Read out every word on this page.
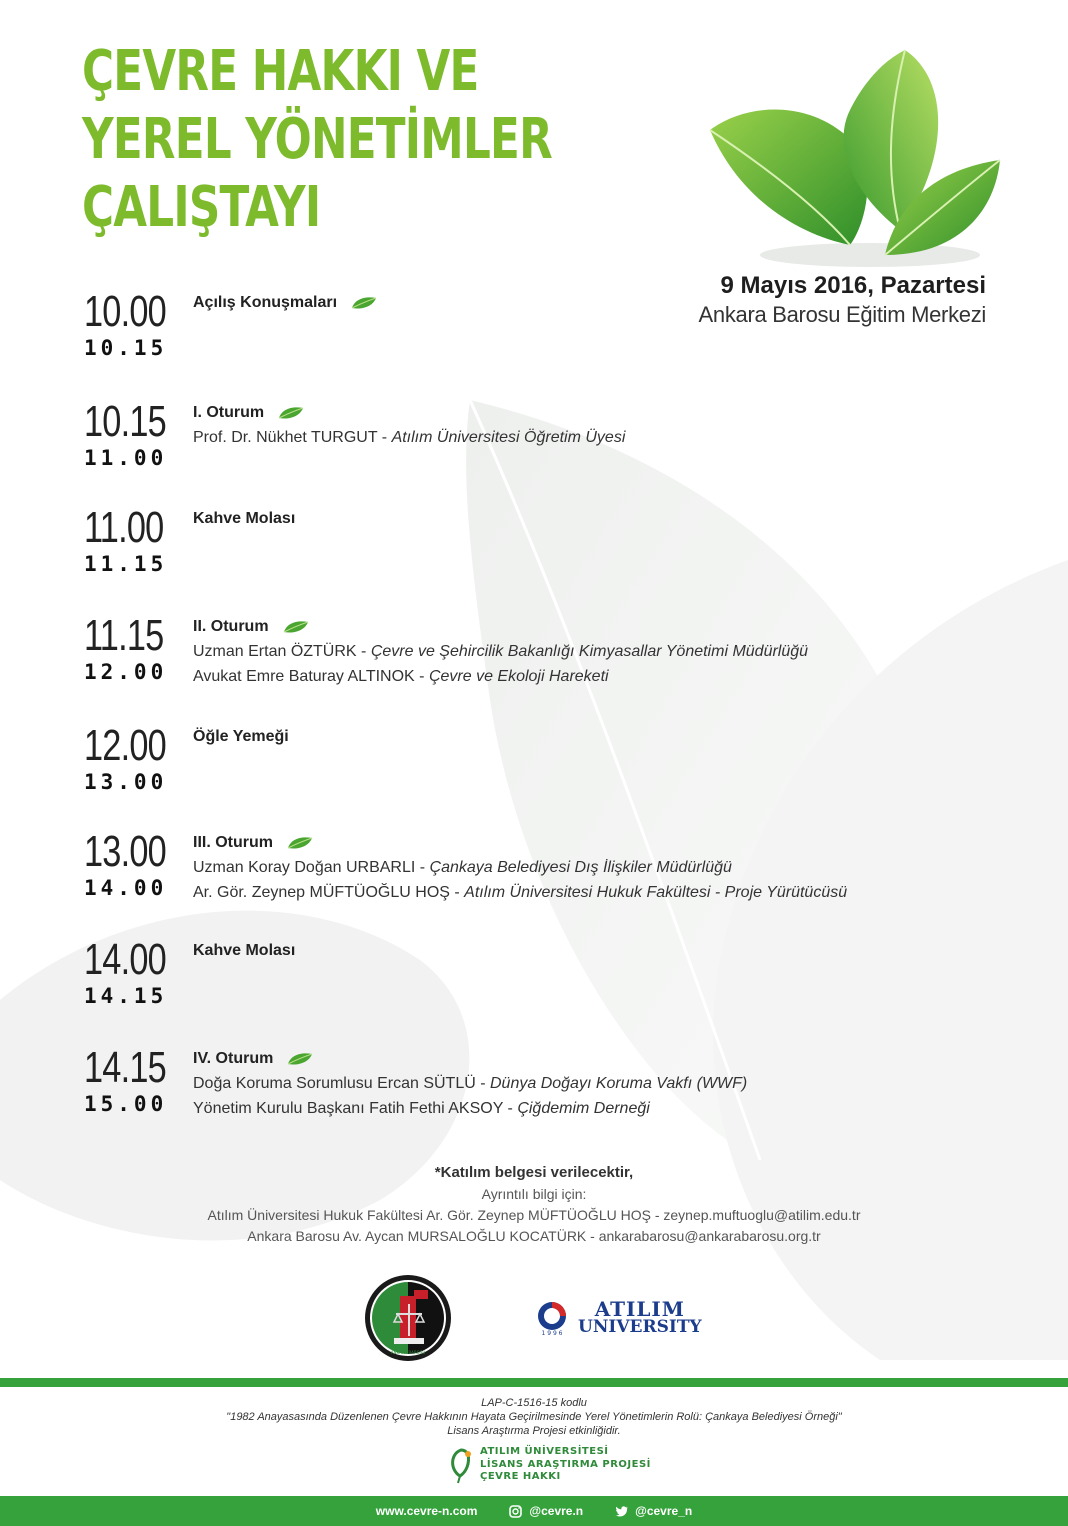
ÇEVRE HAKKI VE
YEREL YÖNETİMLER
ÇALIŞTAYI
9 Mayıs 2016, Pazartesi
Ankara Barosu Eğitim Merkezi
10.00
10.15
Açılış Konuşmaları
10.15
11.00
I. Oturum
Prof. Dr. Nükhet TURGUT - Atılım Üniversitesi Öğretim Üyesi
11.00
11.15
Kahve Molası
11.15
12.00
II. Oturum
Uzman Ertan ÖZTÜRK - Çevre ve Şehircilik Bakanlığı Kimyasallar Yönetimi Müdürlüğü
Avukat Emre Baturay ALTINOK - Çevre ve Ekoloji Hareketi
12.00
13.00
Öğle Yemeği
13.00
14.00
III. Oturum
Uzman Koray Doğan URBARLI - Çankaya Belediyesi Dış İlişkiler Müdürlüğü
Ar. Gör. Zeynep MÜFTÜOĞLU HOŞ - Atılım Üniversitesi Hukuk Fakültesi - Proje Yürütücüsü
14.00
14.15
Kahve Molası
14.15
15.00
IV. Oturum
Doğa Koruma Sorumlusu Ercan SÜTLÜ - Dünya Doğayı Koruma Vakfı (WWF)
Yönetim Kurulu Başkanı Fatih Fethi AKSOY - Çiğdemim Derneği
*Katılım belgesi verilecektir,
Ayrıntılı bilgi için:
Atılım Üniversitesi Hukuk Fakültesi Ar. Gör. Zeynep MÜFTÜOĞLU HOŞ - zeynep.muftuoglu@atilim.edu.tr
Ankara Barosu Av. Aycan MURSALOĞLU KOCATÜRK - ankarabarosu@ankarabarosu.org.tr
ANKARA BAROSU
1 9 9 6
ATILIM
UNIVERSITY
LAP-C-1516-15 kodlu
"1982 Anayasasında Düzenlenen Çevre Hakkının Hayata Geçirilmesinde Yerel Yönetimlerin Rolü: Çankaya Belediyesi Örneği"
Lisans Araştırma Projesi etkinliğidir.
ATILIM ÜNİVERSİTESİ
LİSANS ARAŞTIRMA PROJESİ
ÇEVRE HAKKI
www.cevre-n.com	@cevre.n	@cevre_n
